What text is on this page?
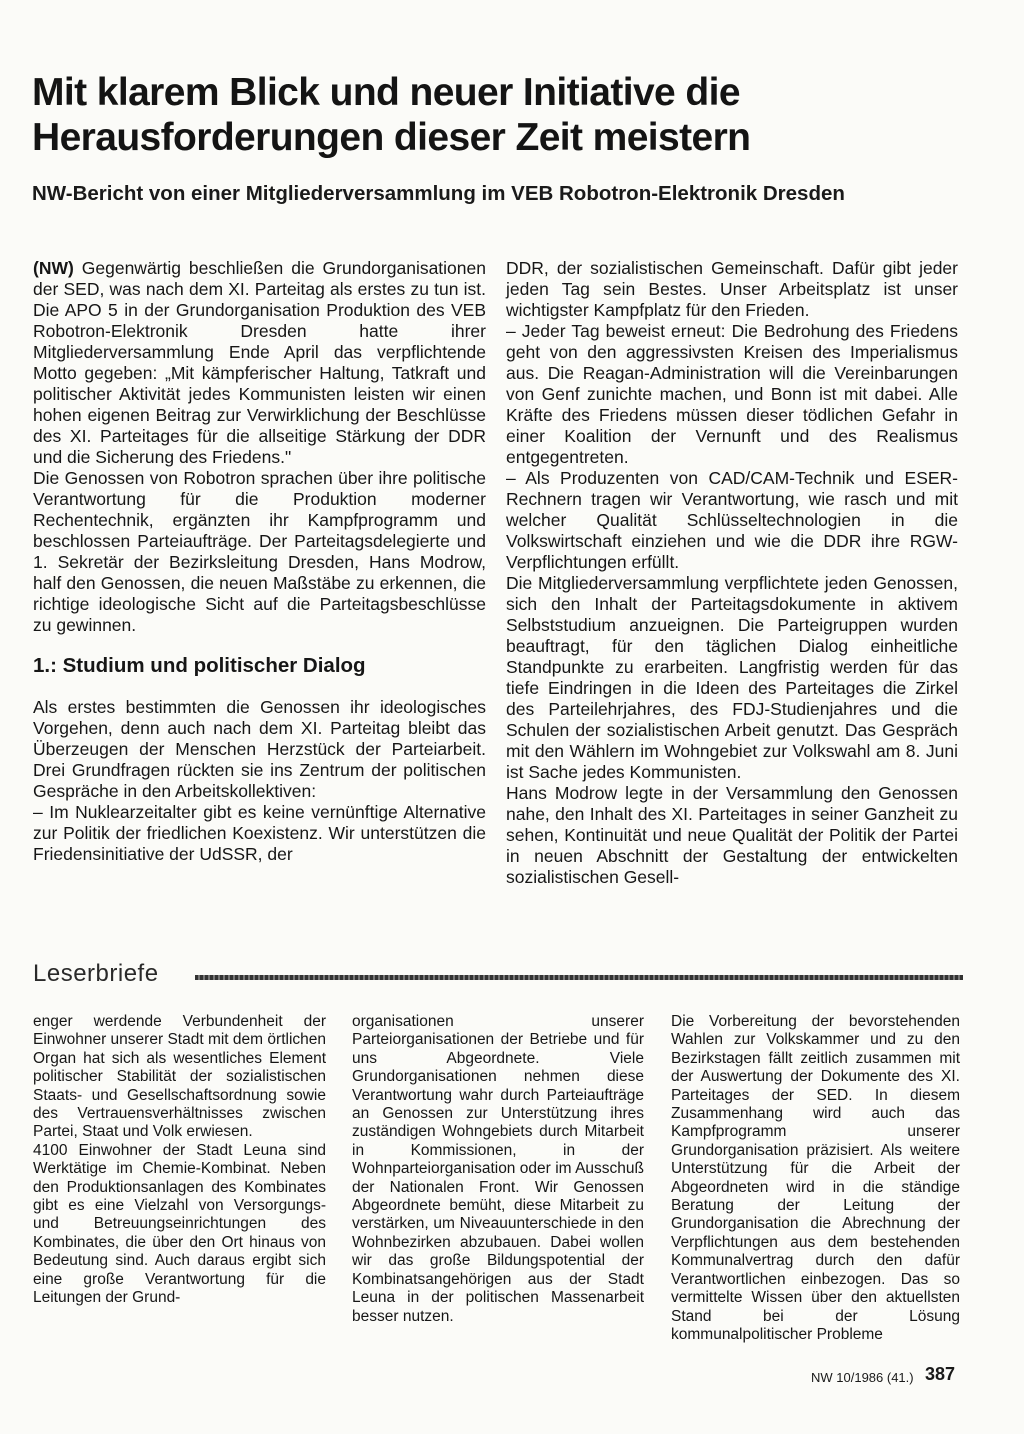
Mit klarem Blick und neuer Initiative die Herausforderungen dieser Zeit meistern
NW-Bericht von einer Mitgliederversammlung im VEB Robotron-Elektronik Dresden

(NW) Gegenwärtig beschließen die Grundorganisationen der SED, was nach dem XI. Parteitag als erstes zu tun ist. Die APO 5 in der Grundorganisation Produktion des VEB Robotron-Elektronik Dresden hatte ihrer Mitgliederversammlung Ende April das verpflichtende Motto gegeben: „Mit kämpferischer Haltung, Tatkraft und politischer Aktivität jedes Kommunisten leisten wir einen hohen eigenen Beitrag zur Verwirklichung der Beschlüsse des XI. Parteitages für die allseitige Stärkung der DDR und die Sicherung des Friedens."

Die Genossen von Robotron sprachen über ihre politische Verantwortung für die Produktion moderner Rechentechnik, ergänzten ihr Kampfprogramm und beschlossen Parteiaufträge. Der Parteitagsdelegierte und 1. Sekretär der Bezirksleitung Dresden, Hans Modrow, half den Genossen, die neuen Maßstäbe zu erkennen, die richtige ideologische Sicht auf die Parteitagsbeschlüsse zu gewinnen.

1.: Studium und politischer Dialog

Als erstes bestimmten die Genossen ihr ideologisches Vorgehen, denn auch nach dem XI. Parteitag bleibt das Überzeugen der Menschen Herzstück der Parteiarbeit. Drei Grundfragen rückten sie ins Zentrum der politischen Gespräche in den Arbeitskollektiven:

– Im Nuklearzeitalter gibt es keine vernünftige Alternative zur Politik der friedlichen Koexistenz. Wir unterstützen die Friedensinitiative der UdSSR, der

DDR, der sozialistischen Gemeinschaft. Dafür gibt jeder jeden Tag sein Bestes. Unser Arbeitsplatz ist unser wichtigster Kampfplatz für den Frieden.

– Jeder Tag beweist erneut: Die Bedrohung des Friedens geht von den aggressivsten Kreisen des Imperialismus aus. Die Reagan-Administration will die Vereinbarungen von Genf zunichte machen, und Bonn ist mit dabei. Alle Kräfte des Friedens müssen dieser tödlichen Gefahr in einer Koalition der Vernunft und des Realismus entgegentreten.

– Als Produzenten von CAD/CAM-Technik und ESER-Rechnern tragen wir Verantwortung, wie rasch und mit welcher Qualität Schlüsseltechnologien in die Volkswirtschaft einziehen und wie die DDR ihre RGW-Verpflichtungen erfüllt.

Die Mitgliederversammlung verpflichtete jeden Genossen, sich den Inhalt der Parteitagsdokumente in aktivem Selbststudium anzueignen. Die Parteigruppen wurden beauftragt, für den täglichen Dialog einheitliche Standpunkte zu erarbeiten. Langfristig werden für das tiefe Eindringen in die Ideen des Parteitages die Zirkel des Parteilehrjahres, des FDJ-Studienjahres und die Schulen der sozialistischen Arbeit genutzt. Das Gespräch mit den Wählern im Wohngebiet zur Volkswahl am 8. Juni ist Sache jedes Kommunisten.

Hans Modrow legte in der Versammlung den Genossen nahe, den Inhalt des XI. Parteitages in seiner Ganzheit zu sehen, Kontinuität und neue Qualität der Politik der Partei in neuen Abschnitt der Gestaltung der entwickelten sozialistischen Gesell-

Leserbriefe

enger werdende Verbundenheit der Einwohner unserer Stadt mit dem örtlichen Organ hat sich als wesentliches Element politischer Stabilität der sozialistischen Staats- und Gesellschaftsordnung sowie des Vertrauensverhältnisses zwischen Partei, Staat und Volk erwiesen.

4100 Einwohner der Stadt Leuna sind Werktätige im Chemie-Kombinat. Neben den Produktionsanlagen des Kombinates gibt es eine Vielzahl von Versorgungs- und Betreuungseinrichtungen des Kombinates, die über den Ort hinaus von Bedeutung sind. Auch daraus ergibt sich eine große Verantwortung für die Leitungen der Grund-

organisationen unserer Parteiorganisationen der Betriebe und für uns Abgeordnete. Viele Grundorganisationen nehmen diese Verantwortung wahr durch Parteiaufträge an Genossen zur Unterstützung ihres zuständigen Wohngebiets durch Mitarbeit in Kommissionen, in der Wohnparteiorganisation oder im Ausschuß der Nationalen Front. Wir Genossen Abgeordnete bemüht, diese Mitarbeit zu verstärken, um Niveauunterschiede in den Wohnbezirken abzubauen. Dabei wollen wir das große Bildungspotential der Kombinatsangehörigen aus der Stadt Leuna in der politischen Massenarbeit besser nutzen.

Die Vorbereitung der bevorstehenden Wahlen zur Volkskammer und zu den Bezirkstagen fällt zeitlich zusammen mit der Auswertung der Dokumente des XI. Parteitages der SED. In diesem Zusammenhang wird auch das Kampfprogramm unserer Grundorganisation präzisiert. Als weitere Unterstützung für die Arbeit der Abgeordneten wird in die ständige Beratung der Leitung der Grundorganisation die Abrechnung der Verpflichtungen aus dem bestehenden Kommunalvertrag durch den dafür Verantwortlichen einbezogen. Das so vermittelte Wissen über den aktuellsten Stand bei der Lösung kommunalpolitischer Probleme

NW 10/1986 (41.) 387
